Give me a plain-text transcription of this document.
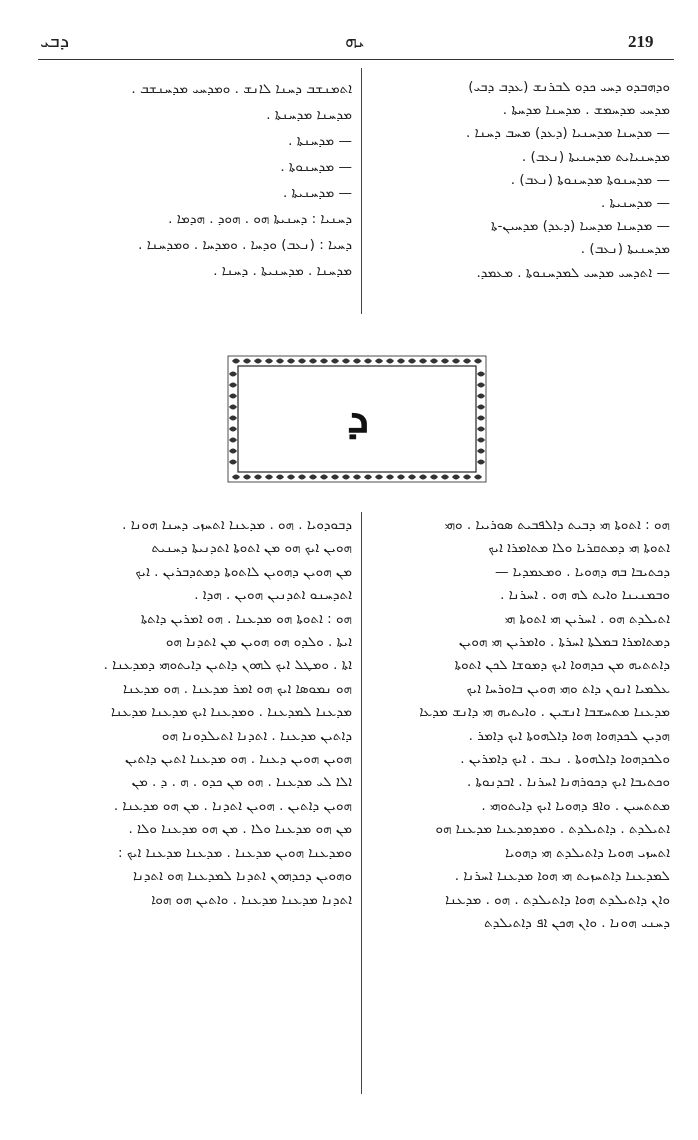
ܕܒܝ	ܝܗ	219
ܘܕܗܒܕܘ ܕܚܝ ܟܕܘ ܠܒܪܢܫ (ܥܕܒ ܕܒܝ)
ܡܕܚܝ ܡܕܚܡܫ . ܡܕܚܢܐ ܡܕܚܬܐ .
— ܡܕܚܢܐ ܡܕܚܢܝܐ (ܕܥܕ) ܡܚܒ ܕܚܢܐ .
ܡܕܚܢܝܐܝܬ ܡܕܚܢܝܬܐ (ܢܥܒ) .
— ܡܕܚܢܘܬܐ ܡܕܚܢܘܬܐ (ܢܥܒ) .
— ܡܕܚܢܝܬܐ .
— ܡܕܚܢܐ ܡܕܚܝܐ (ܕܥܕ) ܡܕܚܝܢ-ܬܐ
ܡܕܚܢܝܬܐ (ܢܥܒ) .
— ܐܬܕܚܝ ܡܕܚܝ ܠܡܕܚܢܘܬܐ . ܡܥܡܕ.
ܐܬܡܢܫܒ ܕܚܢܐ ܠܐܢܫ . ܘܡܕܚܝ ܡܕܚܢܫܒ .
ܡܕܚܢܐ ܡܕܚܢܬܐ .
— ܡܕܚܢܬܐ .
— ܡܕܚܢܘܬܐ .
— ܡܕܚܢܝܬܐ .
ܕܚܢܝܐ : ܕܚܢܝܬܐ ܗܘ . ܗܘܕ . ܗܕܡܐ .
ܕܚܝܐ : (ܢܥܒ) ܘܕܚܐ . ܘܡܕܚܐ . ܘܡܕܚܢܐ .
ܡܕܚܢܐ . ܡܕܚܢܝܬܐ . ܕܚܢܐ .
ܕ
ܗܘ : ܐܬܘܬܐ ܗܝ ܕܒܝܬ ܕܐܠܦܒܝܬ ܣܘܪܝܝܐ . ܘܗܝ
ܐܬܘܬܐ ܗܝ ܕܡܬܩܪܝܐ ܘܠܐ ܡܬܐܡܪܐ ܐܝܟ
ܕܟܬܝܒܐ ܒܗ ܕܗܘܝܐ . ܘܡܥܡܕܝܐ —
ܘܒܡܢܝܢܐ ܘܐܝܬ ܠܗ ܗܘ . ܐܚܪܢܐ .
ܐܬܝܠܕܬ ܗܘ . ܐܚܪܝܢ ܗܝ ܐܬܘܬܐ ܗܝ
ܕܡܬܐܡܪܐ ܒܡܠܬܐ ܐܚܪܬܐ . ܘܐܡܪܝܢ ܗܝ ܗܘܝܢ
ܕܐܬܬܝܗ ܡܢ ܟܕܗܘܐ ܐܝܟ ܕܡܘܫܐ ܠܟܢ ܐܬܘܬܐ
ܥܠܡܝܐ ܐܢܘܢ ܕܐܬ ܘܗܝ ܗܘܝܢ ܒܐܘܪܚܐ ܐܝܟ
ܡܕܥܢܐ ܡܬܚܫܒܐ ܐܢܫܝܢ . ܘܐܝܬܝܗ ܗܝ ܕܐܢܫ ܡܕܥܐ
ܗܕܝܢ ܠܟܕܗܘܐ ܗܘܐ ܕܐܠܗܘܬܐ ܐܝܟ ܕܐܡܪ .
ܘܠܟܕܗܘܐ ܕܐܠܗܘܬܐ . ܢܥܒ . ܐܝܟ ܕܐܡܪܝܢ .
ܘܟܬܝܒܐ ܐܝܟ ܕܟܘܪܗܢܐ ܐܚܪܢܐ . ܐܒܕܢܘܬܐ .
ܡܬܬܚܝܢ . ܘܐܦ ܕܗܘܝܐ ܐܝܟ ܕܐܝܬܘܗܝ .
ܐܬܝܠܕܬ . ܕܐܬܝܠܕܬ . ܘܡܕܡܕܥܢܐ ܡܕܥܢܐ ܗܘ
ܐܬܚܙܝ ܗܘܝܐ ܕܐܬܝܠܕܬ ܗܝ ܕܗܘܝܐ
ܠܡܕܥܢܐ ܕܐܬܚܙܝܬ ܗܝ ܗܘܐ ܡܕܥܢܐ ܐܚܪܢܐ .
ܘܐܢ ܕܐܬܝܠܕܬ ܗܘܐ ܕܐܬܝܠܕܬ . ܗܘ . ܡܕܥܢܐ
ܕܚܢܝ ܗܘܢܐ . ܘܐܢ ܗܟܢ ܐܦ ܕܐܬܝܠܕܬ
ܕܒܘܕܘܝܐ . ܗܘ . ܡܕܥܢܐ ܐܬܚܙܝ ܕܚܢܐ ܗܘܢܐ .
ܗܘܝܢ ܐܝܟ ܗܘ ܡܢ ܐܬܘܬܐ ܐܬܕܢܝܬܐ ܕܚܢܝܬ
ܡܢ ܗܘܝܢ ܕܗܘܝܢ ܠܐܬܘܬܐ ܕܡܬܕܒܪܝܢ . ܐܝܟ
ܐܬܕܚܢܘ ܐܬܕܢܝܢ ܗܘܝܢ . ܗܕܐ .
ܗܘ : ܐܬܘܬܐ ܗܘ ܡܕܥܢܐ . ܗܘ ܐܡܪܝܢ ܕܐܬܬܐ
ܐܝܬܐ . ܘܠܕܘ ܗܘ ܗܘܝܢ ܡܢ ܐܬܕܢܐ ܗܘ
ܐܬܐ . ܘܡܛܠ ܐܝܟ ܠܗܘܢ ܕܐܬܝܢ ܕܐܝܬܘܗܝ ܕܡܕܥܢܐ .
ܗܘ ܢܡܘܣܐ ܐܝܟ ܗܘ ܐܡܪ ܡܕܥܢܐ . ܗܘ ܡܕܥܢܐ
ܡܕܥܢܐ ܠܡܕܥܢܐ . ܘܡܕܥܢܐ ܐܝܟ ܡܕܥܢܐ ܡܕܥܢܐ
ܕܐܬܝܢ ܡܕܥܢܐ . ܐܬܕܢܐ ܐܬܝܠܕܘܢܐ ܗܘ
ܗܘܝܢ ܗܘܝܢ ܕܥܢܐ . ܗܘ ܡܕܥܢܐ ܐܬܝܢ ܕܐܬܝܢ
ܐܠܐ ܠܝ ܡܕܥܢܐ . ܗܘ ܡܢ ܟܕܘ . ܗ . ܕ . ܡܢ
ܗܘܝܢ ܕܐܬܝܢ . ܗܘܝܢ ܐܬܕܢܐ . ܡܢ ܗܘ ܡܕܥܢܐ .
ܡܢ ܗܘ ܡܕܥܢܐ ܘܠܐ . ܡܢ ܗܘ ܡܕܥܢܐ ܘܠܐ .
ܘܡܕܥܢܐ ܗܘܝܢ ܡܕܥܢܐ . ܡܕܥܢܐ ܡܕܥܢܐ ܐܝܟ :
ܘܗܘܝܢ ܕܟܕܗܘܢ ܐܬܕܢܐ ܠܡܕܥܢܐ ܗܘ ܐܬܕܢܐ
ܐܬܕܢܐ ܡܕܥܢܐ ܡܕܥܢܐ . ܘܐܬܝܢ ܗܘ ܗܘܐ
